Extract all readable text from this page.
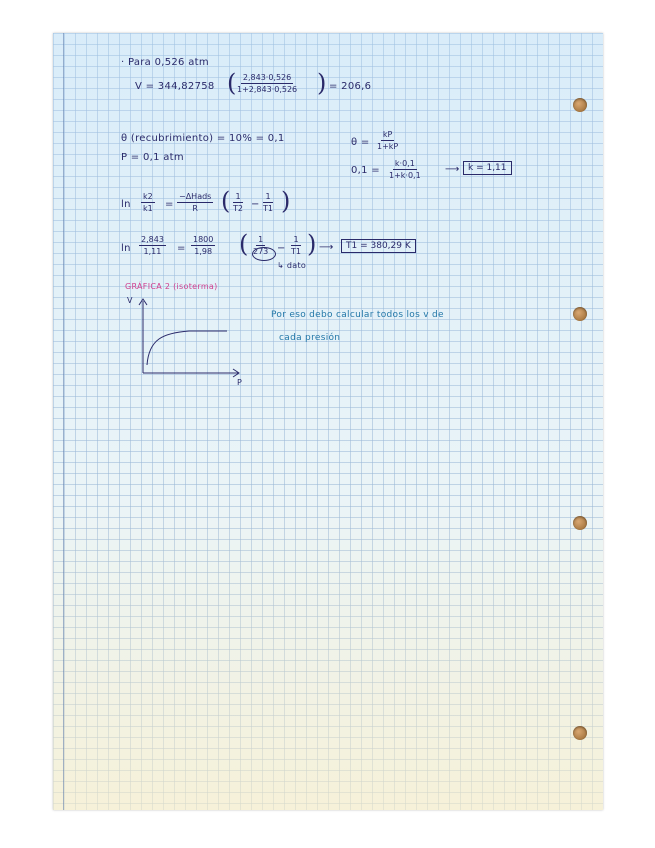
· Para 0,526 atm
V = 344,82758 (
$\frac{2,843\cdot 0,526}{1+2,843\cdot 0,526}$ ) = 206,6
θ (recubrimiento) = 10% = 0,1
P = 0,1 atm
$\theta = \frac{kP}{1+kP}$
$0,1 = \frac{k\cdot 0,1}{1+k\cdot 0,1}$ ⟶ k = 1,11
$\ln \frac{k2}{k1}$ =
−ΔHads
R ( $\frac{1}{T2} - \frac{1}{T1}$ )
$\ln \frac{2,843}{1,11} = \frac{1800}{1,98}$ ( $\frac{1}{273} - \frac{1}{T1}$ ) ⟶	T1 = 380,29 K
↳ dato
GRÁFICA 2 (isoterma)
V
P
Por eso debo calcular todos los v de
cada presión
